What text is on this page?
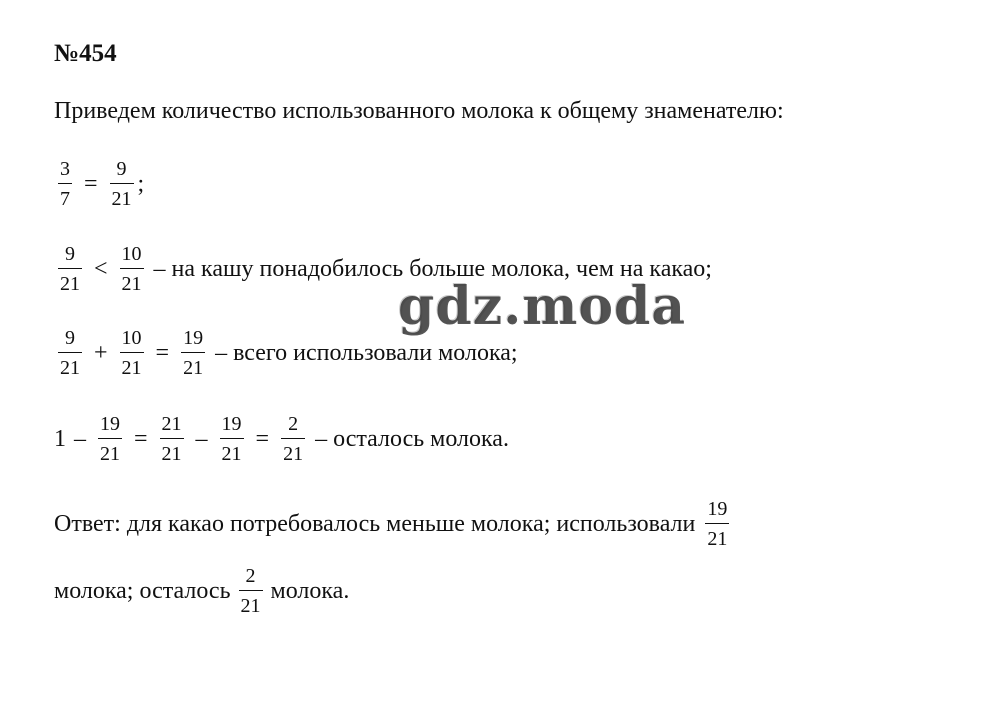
№454
Приведем количество использованного молока к общему знаменателю:
$\frac{3}{7} = \frac{9}{21}$ ;
$\frac{9}{21} < \frac{10}{21}$ – на кашу понадобилось больше молока, чем на какао;
$\frac{9}{21} + \frac{10}{21} = \frac{19}{21}$ – всего использовали молока;
$1 - \frac{19}{21} = \frac{21}{21} - \frac{19}{21} = \frac{2}{21}$ – осталось молока.
Ответ: для какао потребовалось меньше молока; использовали $\frac{19}{21}$
молока; осталось $\frac{2}{21}$ молока.
gdz.moda
